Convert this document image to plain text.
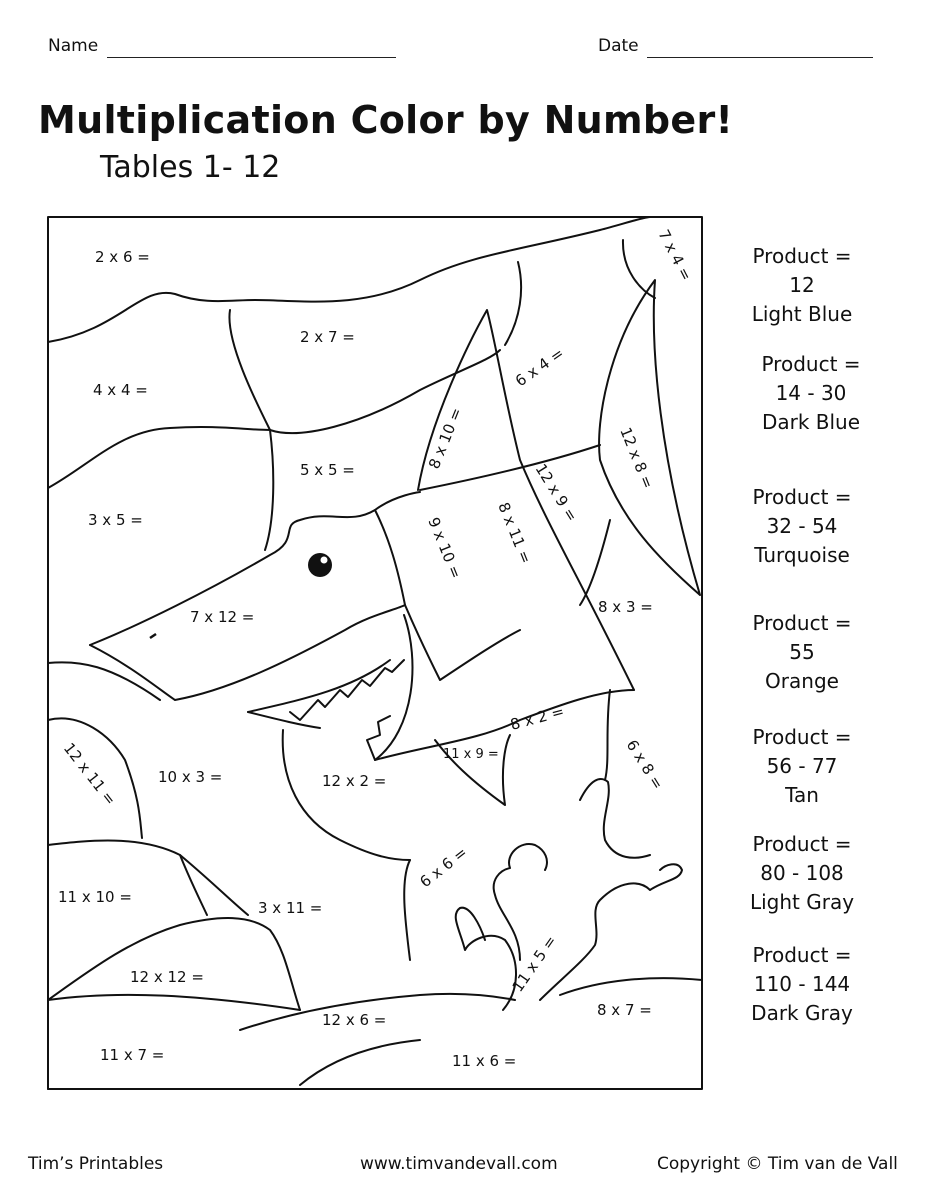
Name	Date
Multiplication Color by Number!
Tables 1- 12
2 x 6 =	7 x 4 =
2 x 7 =
6 x 4 =
4 x 4 =
8 x 10 =	12 x 8 =
5 x 5 =	12 x 9 =
3 x 5 =	9 x 10 = 8 x 11 =
7 x 12 =
8 x 3 =
8 x 2 =
12 x 11 =	10 x 3 =	12 x 2 =
11 x 9 =	6 x 8 =
6 x 6 =
11 x 10 =
3 x 11 =
12 x 12 =	11 x 5 =
12 x 6 =
8 x 7 =
11 x 7 =	11 x 6 =
Product =
12
Light Blue
Product =
14 - 30
Dark Blue
Product =
32 - 54
Turquoise
Product =
55
Orange
Product =
56 - 77
Tan
Product =
80 - 108
Light Gray
Product =
110 - 144
Dark Gray
Tim’s Printables	www.timvandevall.com	Copyright © Tim van de Vall
